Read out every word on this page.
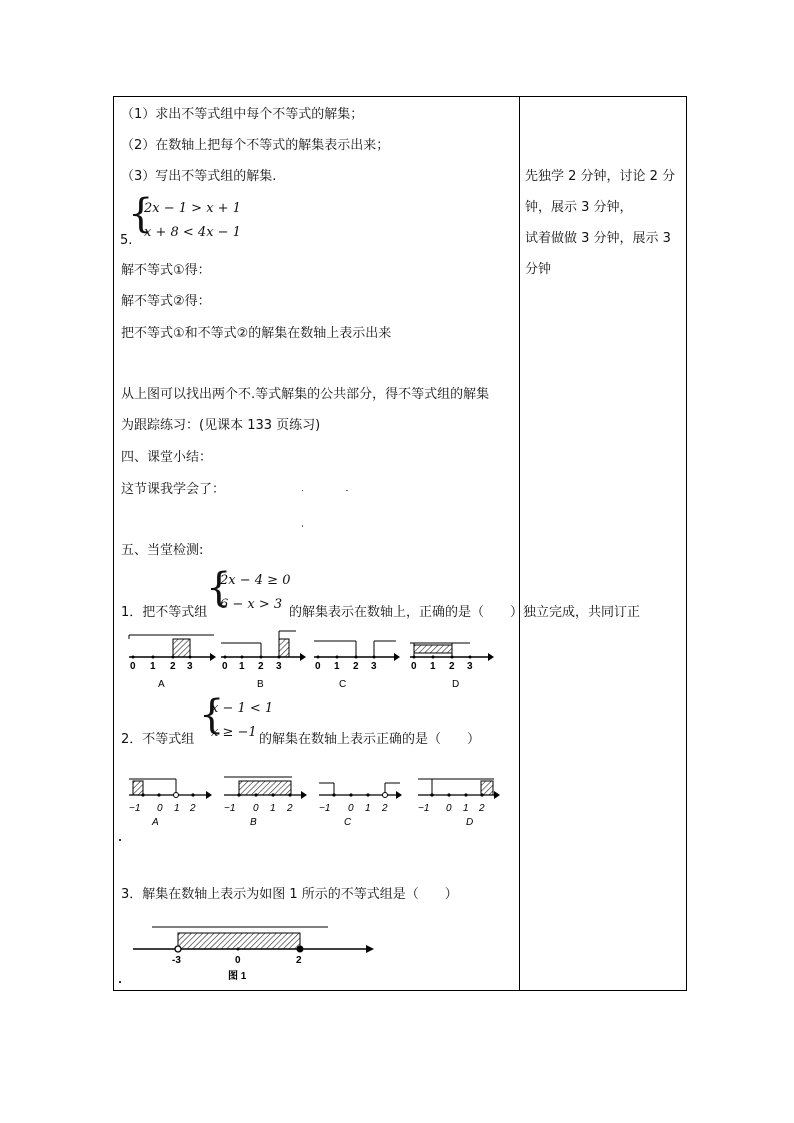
（1）求出不等式组中每个不等式的解集；
（2）在数轴上把每个不等式的解集表示出来；
（3）写出不等式组的解集.
5.
{
2x − 1 > x + 1
x + 8 < 4x − 1
解不等式①得：
解不等式②得：
把不等式①和不等式②的解集在数轴上表示出来
从上图可以找出两个不.等式解集的公共部分，得不等式组的解集
为跟踪练习：(见课本 133 页练习)
四、课堂小结：
这节课我学会了：
五、当堂检测:
1．把不等式组
{
2x − 4 ≥ 0
6 − x > 3
的解集表示在数轴上，正确的是（　　）
0 1 2 3
A
0 1 2 3
B
0 1 2 3
C
0 1 2 3
D
2．不等式组
{
x − 1 < 1
x ≥ −1 的解集在数轴上表示正确的是（　　）
−1 0 1 2
A
−1 0 1 2
B
−1 0 1 2
C
−1 0 1 2
D
3．解集在数轴上表示为如图 1 所示的不等式组是（　　）
-3	0	2
图 1
先独学 2 分钟，讨论 2 分
钟，展示 3 分钟，
试着做做 3 分钟，展示 3
分钟
独立完成，共同订正
